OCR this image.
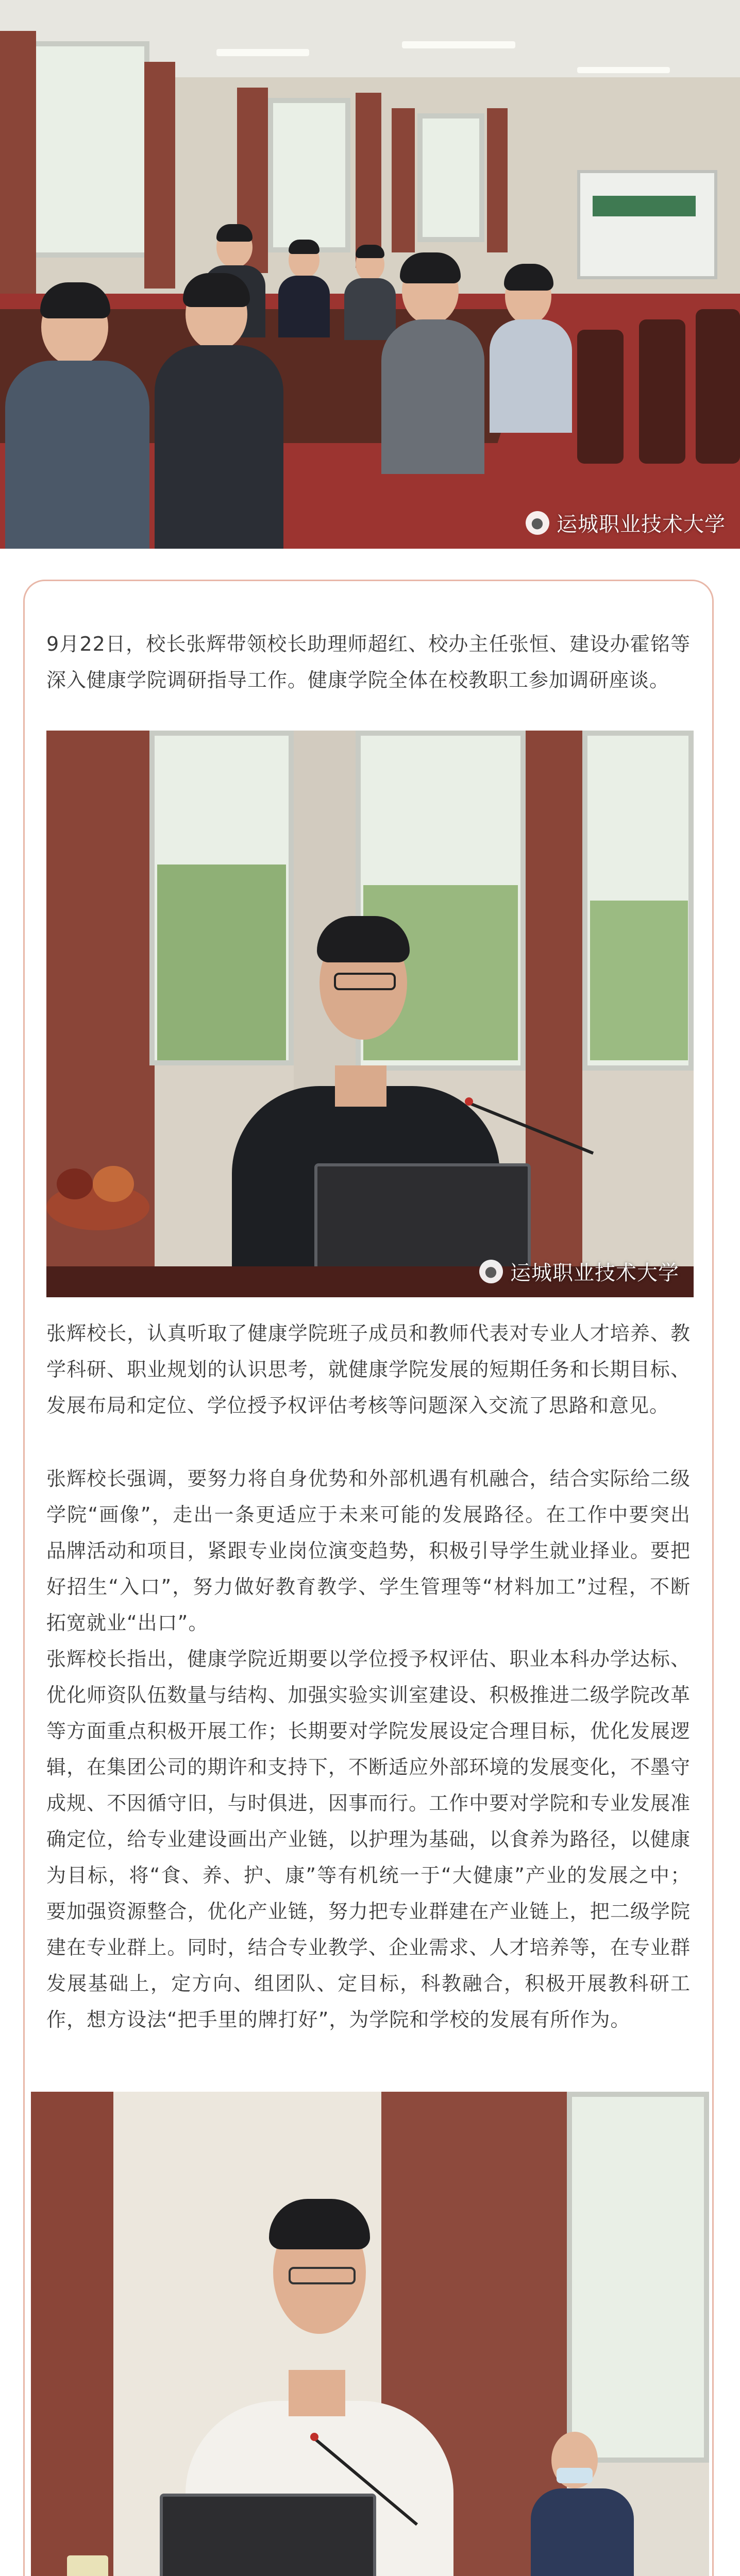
● 运城职业技术大学

9月22日，校长张辉带领校长助理师超红、校办主任张恒、建设办霍铭等深入健康学院调研指导工作。健康学院全体在校教职工参加调研座谈。

● 运城职业技术大学

张辉校长，认真听取了健康学院班子成员和教师代表对专业人才培养、教学科研、职业规划的认识思考，就健康学院发展的短期任务和长期目标、发展布局和定位、学位授予权评估考核等问题深入交流了思路和意见。

张辉校长强调，要努力将自身优势和外部机遇有机融合，结合实际给二级学院“画像”，走出一条更适应于未来可能的发展路径。在工作中要突出品牌活动和项目，紧跟专业岗位演变趋势，积极引导学生就业择业。要把好招生“入口”，努力做好教育教学、学生管理等“材料加工”过程，不断拓宽就业“出口”。

张辉校长指出，健康学院近期要以学位授予权评估、职业本科办学达标、优化师资队伍数量与结构、加强实验实训室建设、积极推进二级学院改革等方面重点积极开展工作；长期要对学院发展设定合理目标，优化发展逻辑，在集团公司的期许和支持下，不断适应外部环境的发展变化，不墨守成规、不因循守旧，与时俱进，因事而行。工作中要对学院和专业发展准确定位，给专业建设画出产业链，以护理为基础，以食养为路径，以健康为目标，将“食、养、护、康”等有机统一于“大健康”产业的发展之中；要加强资源整合，优化产业链，努力把专业群建在产业链上，把二级学院建在专业群上。同时，结合专业教学、企业需求、人才培养等，在专业群发展基础上，定方向、组团队、定目标，科教融合，积极开展教科研工作，想方设法“把手里的牌打好”，为学院和学校的发展有所作为。
